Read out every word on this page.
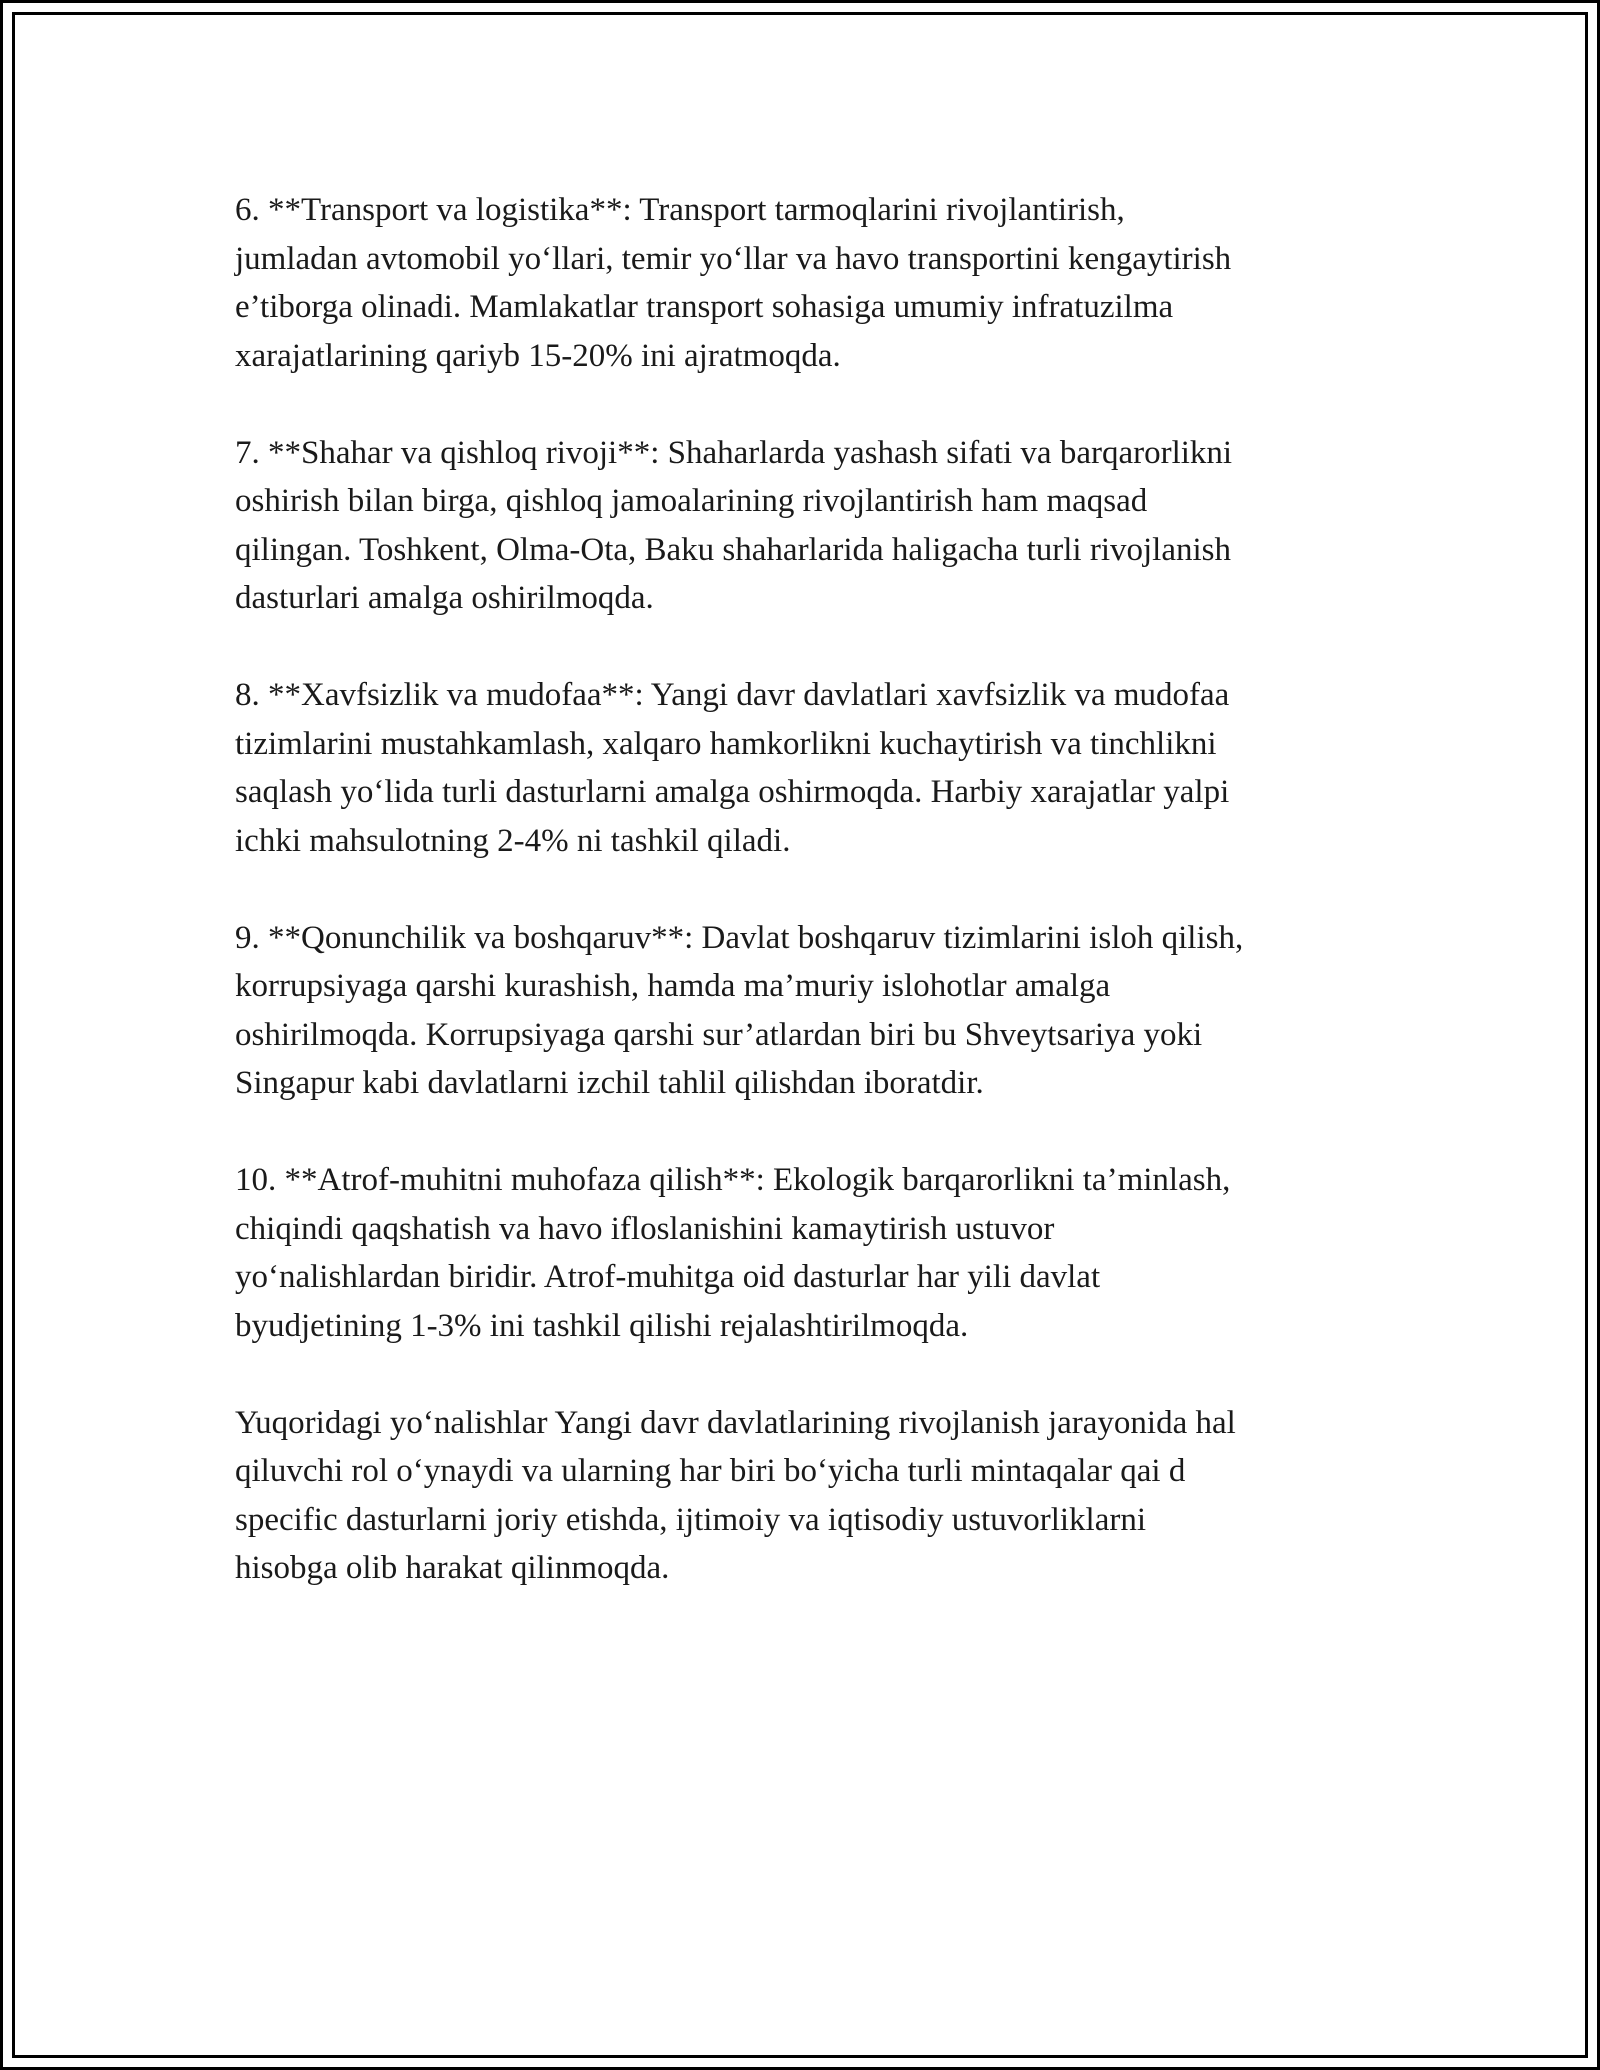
6. **Transport va logistika**: Transport tarmoqlarini rivojlantirish,
jumladan avtomobil yo‘llari, temir yo‘llar va havo transportini kengaytirish
e’tiborga olinadi. Mamlakatlar transport sohasiga umumiy infratuzilma
xarajatlarining qariyb 15-20% ini ajratmoqda.

7. **Shahar va qishloq rivoji**: Shaharlarda yashash sifati va barqarorlikni
oshirish bilan birga, qishloq jamoalarining rivojlantirish ham maqsad
qilingan. Toshkent, Olma-Ota, Baku shaharlarida haligacha turli rivojlanish
dasturlari amalga oshirilmoqda.

8. **Xavfsizlik va mudofaa**: Yangi davr davlatlari xavfsizlik va mudofaa
tizimlarini mustahkamlash, xalqaro hamkorlikni kuchaytirish va tinchlikni
saqlash yo‘lida turli dasturlarni amalga oshirmoqda. Harbiy xarajatlar yalpi
ichki mahsulotning 2-4% ni tashkil qiladi.

9. **Qonunchilik va boshqaruv**: Davlat boshqaruv tizimlarini isloh qilish,
korrupsiyaga qarshi kurashish, hamda ma’muriy islohotlar amalga
oshirilmoqda. Korrupsiyaga qarshi sur’atlardan biri bu Shveytsariya yoki
Singapur kabi davlatlarni izchil tahlil qilishdan iboratdir.

10. **Atrof-muhitni muhofaza qilish**: Ekologik barqarorlikni ta’minlash,
chiqindi qaqshatish va havo ifloslanishini kamaytirish ustuvor
yo‘nalishlardan biridir. Atrof-muhitga oid dasturlar har yili davlat
byudjetining 1-3% ini tashkil qilishi rejalashtirilmoqda.

Yuqoridagi yo‘nalishlar Yangi davr davlatlarining rivojlanish jarayonida hal
qiluvchi rol o‘ynaydi va ularning har biri bo‘yicha turli mintaqalar qai d
specific dasturlarni joriy etishda, ijtimoiy va iqtisodiy ustuvorliklarni
hisobga olib harakat qilinmoqda.
